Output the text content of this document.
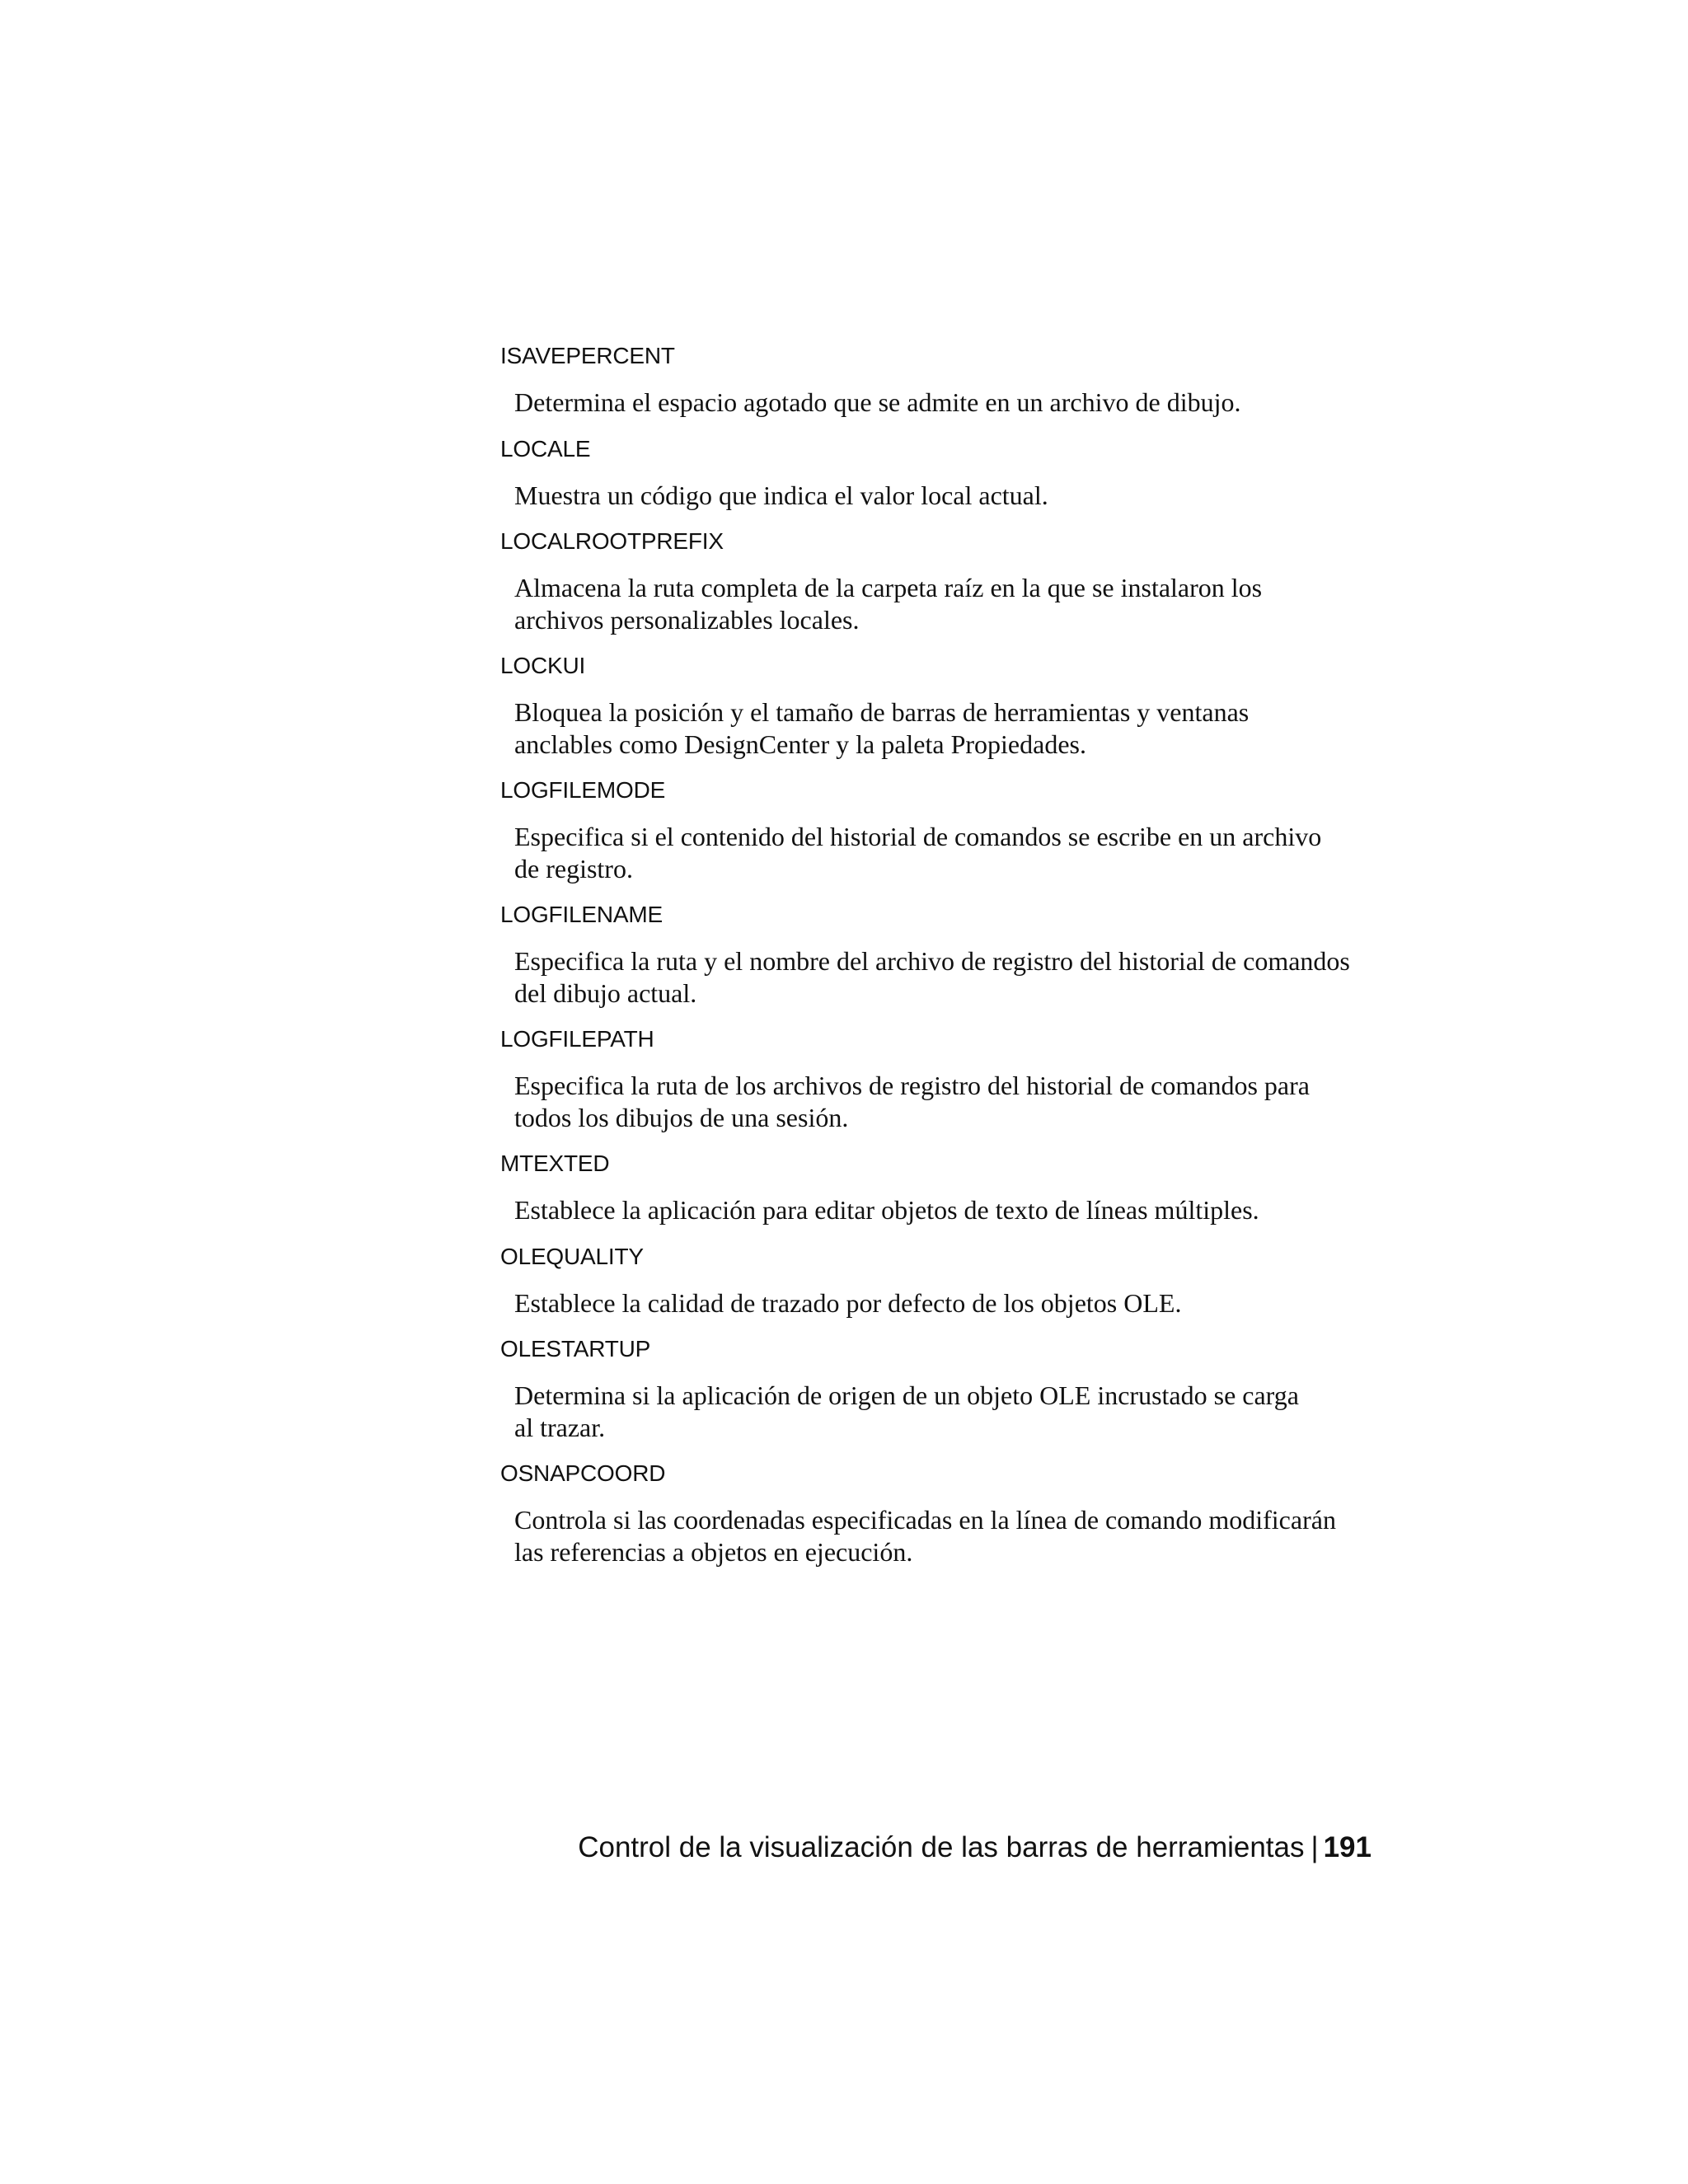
ISAVEPERCENT
Determina el espacio agotado que se admite en un archivo de dibujo.
LOCALE
Muestra un código que indica el valor local actual.
LOCALROOTPREFIX
Almacena la ruta completa de la carpeta raíz en la que se instalaron los
archivos personalizables locales.
LOCKUI
Bloquea la posición y el tamaño de barras de herramientas y ventanas
anclables como DesignCenter y la paleta Propiedades.
LOGFILEMODE
Especifica si el contenido del historial de comandos se escribe en un archivo
de registro.
LOGFILENAME
Especifica la ruta y el nombre del archivo de registro del historial de comandos
del dibujo actual.
LOGFILEPATH
Especifica la ruta de los archivos de registro del historial de comandos para
todos los dibujos de una sesión.
MTEXTED
Establece la aplicación para editar objetos de texto de líneas múltiples.
OLEQUALITY
Establece la calidad de trazado por defecto de los objetos OLE.
OLESTARTUP
Determina si la aplicación de origen de un objeto OLE incrustado se carga
al trazar.
OSNAPCOORD
Controla si las coordenadas especificadas en la línea de comando modificarán
las referencias a objetos en ejecución.
Control de la visualización de las barras de herramientas | 191
